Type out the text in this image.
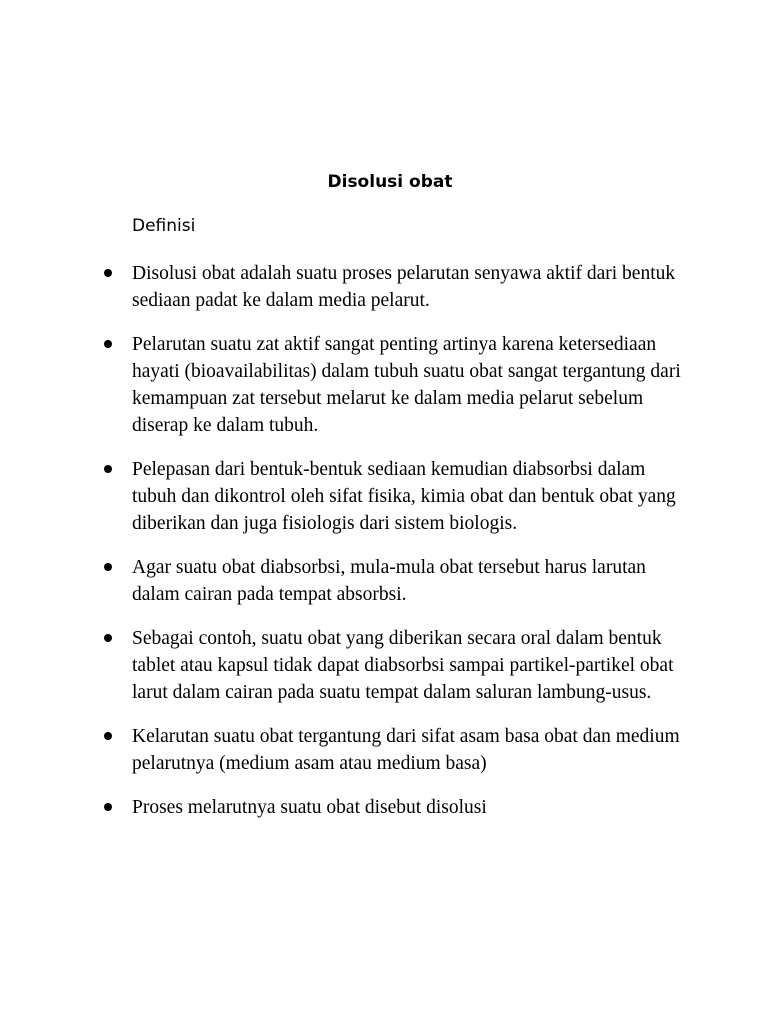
Disolusi obat
Definisi
Disolusi obat adalah suatu proses pelarutan senyawa aktif dari bentuk sediaan padat ke dalam media pelarut.
Pelarutan suatu zat aktif sangat penting artinya karena ketersediaan hayati (bioavailabilitas) dalam tubuh suatu obat sangat tergantung dari kemampuan zat tersebut melarut ke dalam media pelarut sebelum diserap ke dalam tubuh.
Pelepasan dari bentuk-bentuk sediaan kemudian diabsorbsi dalam tubuh dan dikontrol oleh sifat fisika, kimia obat dan bentuk obat yang diberikan dan juga fisiologis dari sistem biologis.
Agar suatu obat diabsorbsi, mula-mula obat tersebut harus larutan dalam cairan pada tempat absorbsi.
Sebagai contoh, suatu obat yang diberikan secara oral dalam bentuk tablet atau kapsul tidak dapat diabsorbsi sampai partikel-partikel obat larut dalam cairan pada suatu tempat dalam saluran lambung-usus.
Kelarutan suatu obat tergantung dari sifat asam basa obat dan medium pelarutnya (medium asam atau medium basa)
Proses melarutnya suatu obat disebut disolusi
